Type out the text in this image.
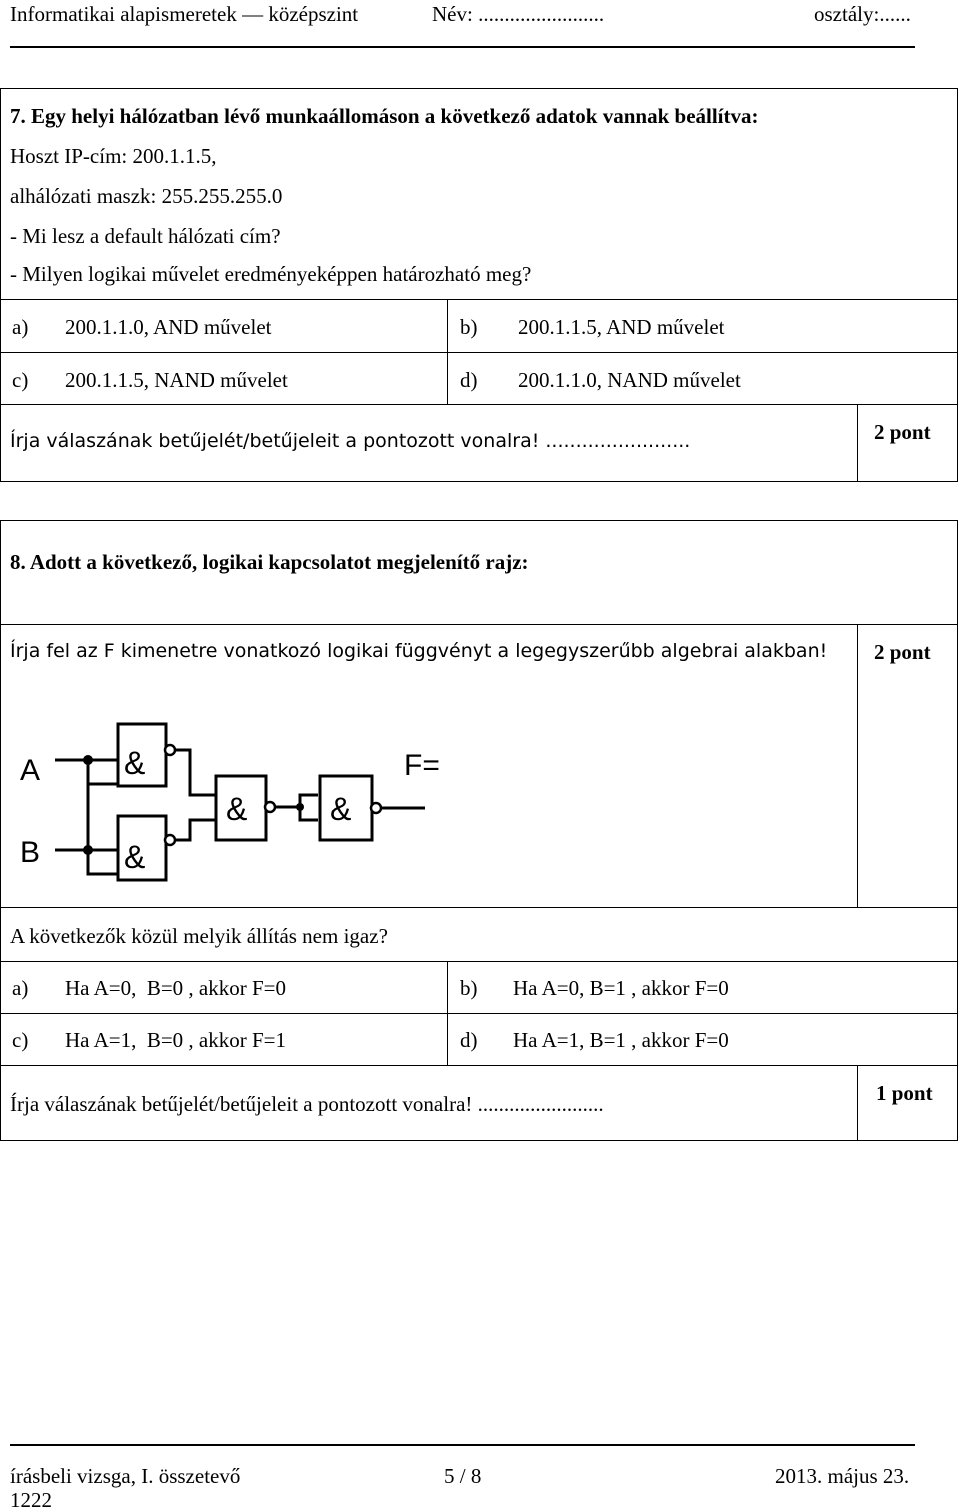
Informatikai alapismeretek — középszint	Név: ........................	osztály:......
7. Egy helyi hálózatban lévő munkaállomáson a következő adatok vannak beállítva:
Hoszt IP-cím: 200.1.1.5,
alhálózati maszk: 255.255.255.0
- Mi lesz a default hálózati cím?
- Milyen logikai művelet eredményeképpen határozható meg?
a) 200.1.1.0, AND művelet	b) 200.1.1.5, AND művelet
c) 200.1.1.5, NAND művelet	d) 200.1.1.0, NAND művelet
Írja válaszának betűjelét/betűjeleit a pontozott vonalra! ........................	2 pont
8. Adott a következő, logikai kapcsolatot megjelenítő rajz:
Írja fel az F kimenetre vonatkozó logikai függvényt a legegyszerűbb algebrai alakban! 2 pont
A
B
F=
&
&
&	&
A következők közül melyik állítás nem igaz?
a) Ha A=0,  B=0 , akkor F=0	b) Ha A=0, B=1 , akkor F=0
c) Ha A=1,  B=0 , akkor F=1	d) Ha A=1, B=1 , akkor F=0
Írja válaszának betűjelét/betűjeleit a pontozott vonalra! ........................	1 pont
írásbeli vizsga, I. összetevő	5 / 8	2013. május 23.
1222
